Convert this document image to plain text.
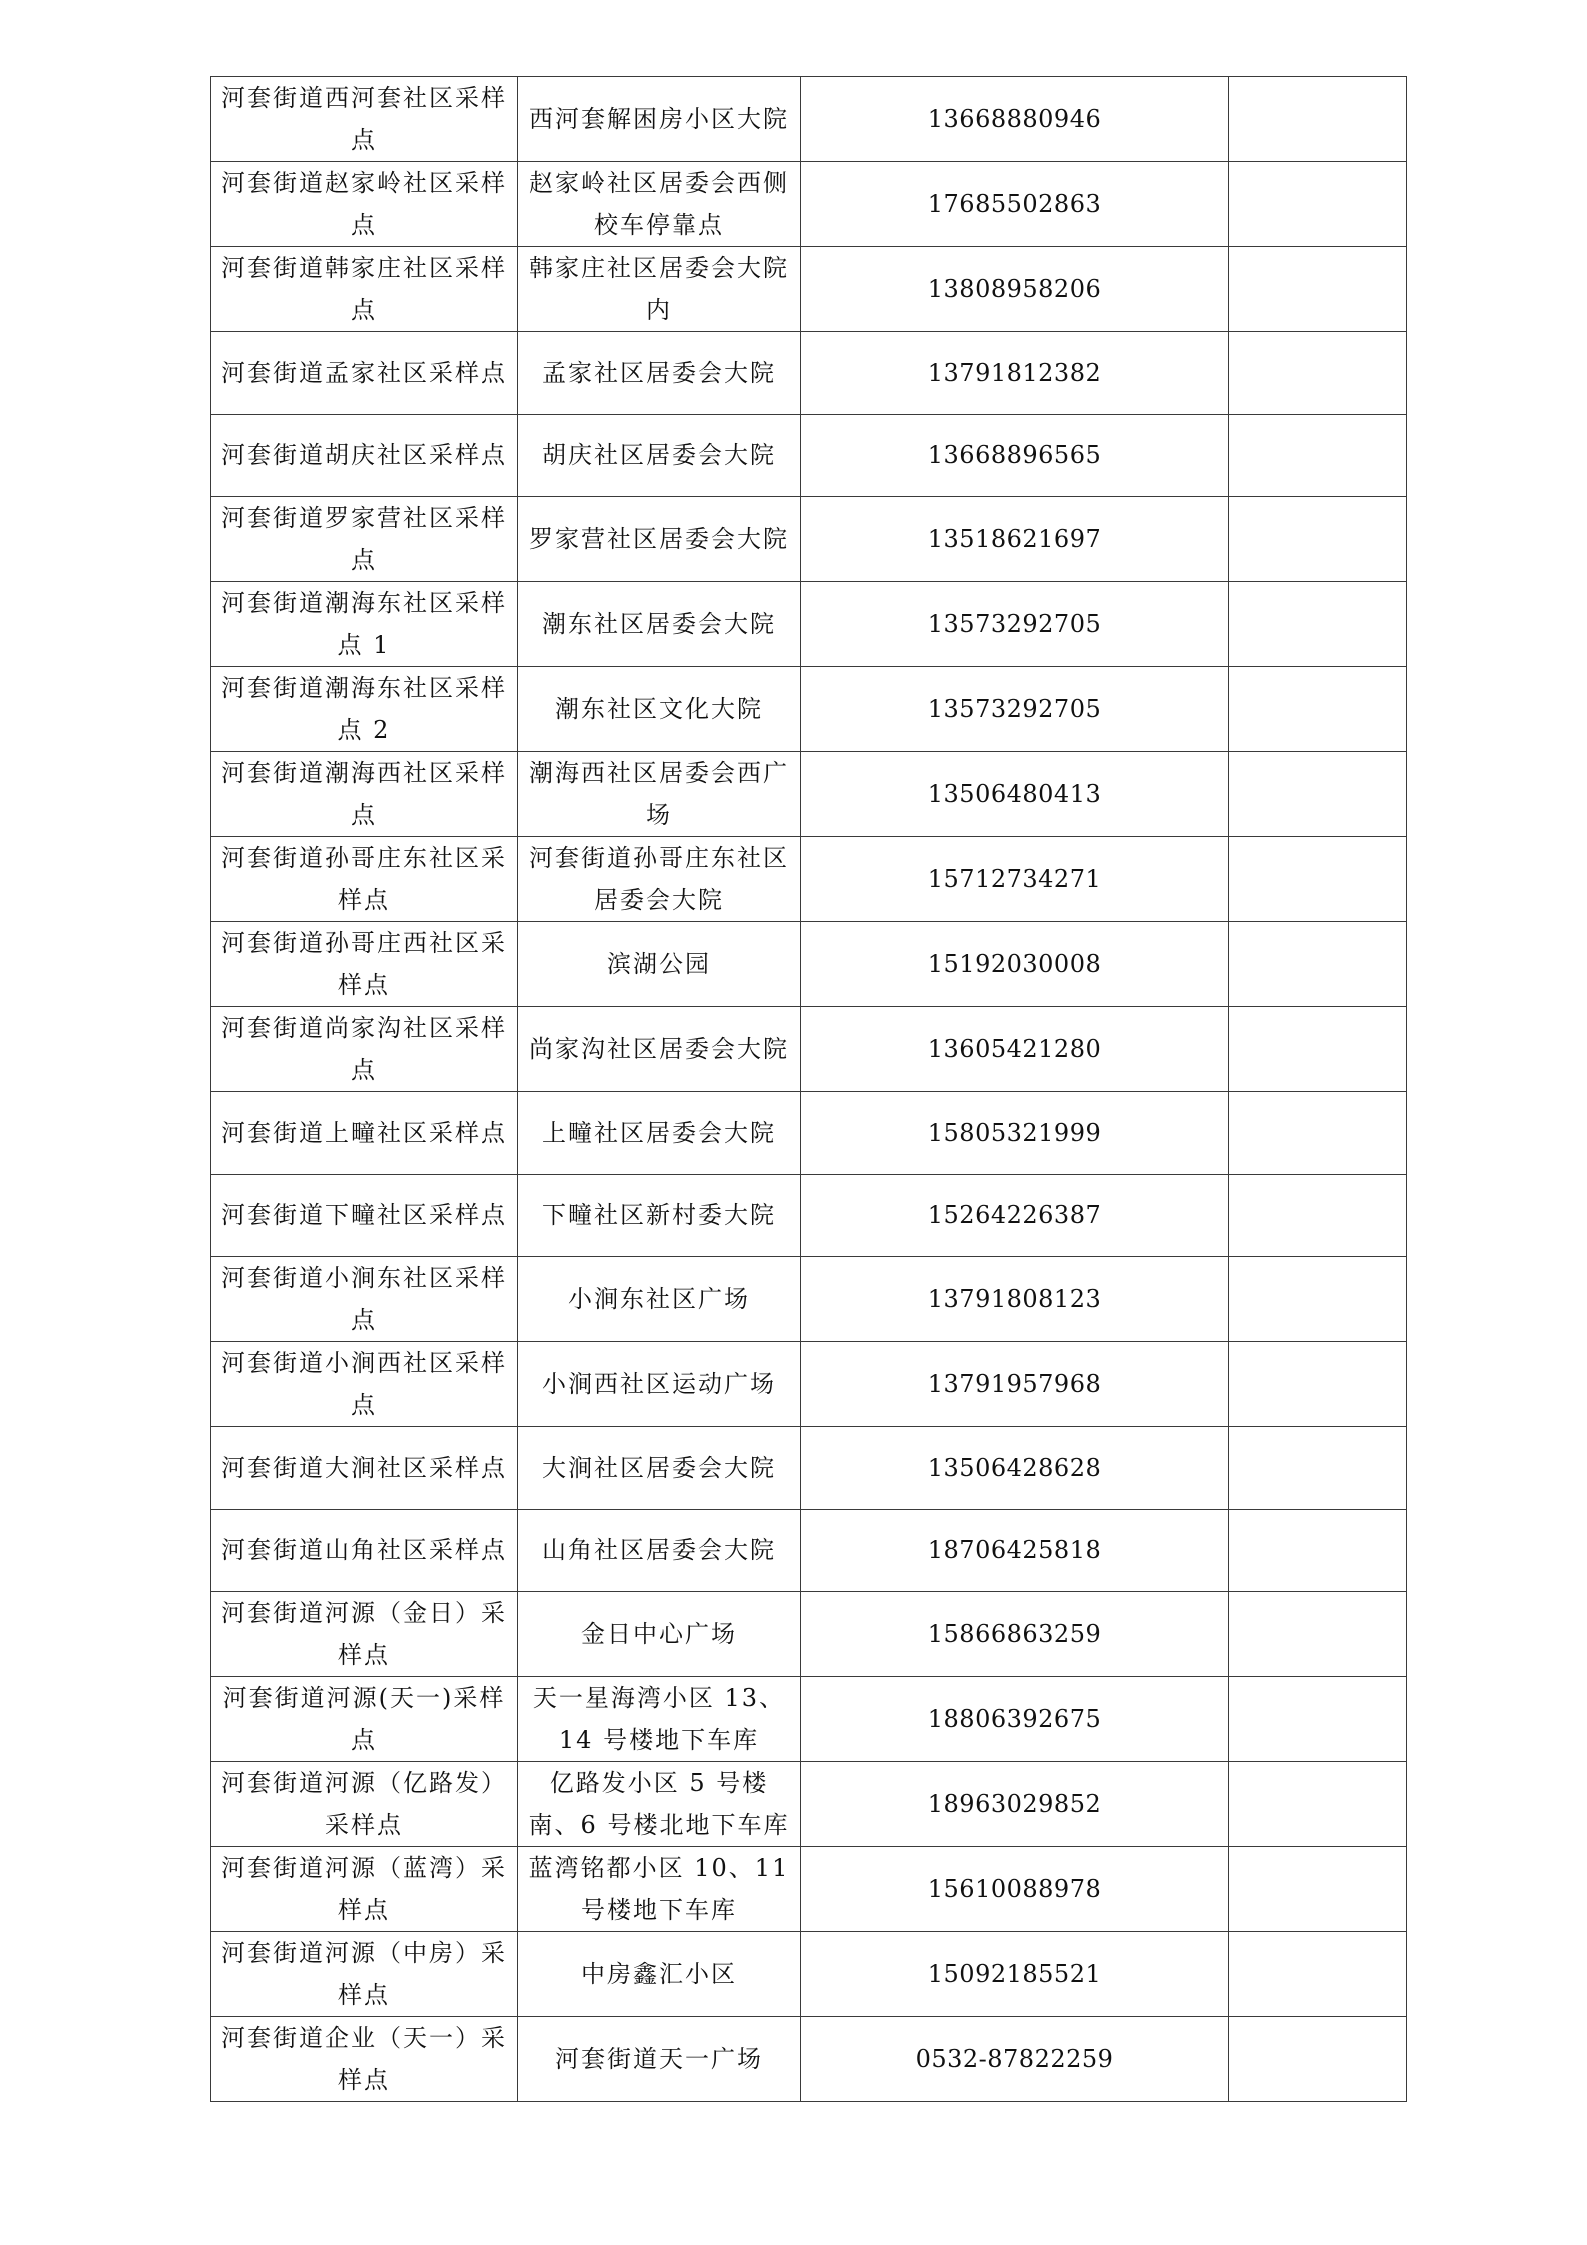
河套街道西河套社区采样点	西河套解困房小区大院	13668880946	
河套街道赵家岭社区采样点	赵家岭社区居委会西侧校车停靠点	17685502863	
河套街道韩家庄社区采样点	韩家庄社区居委会大院内	13808958206	
河套街道孟家社区采样点	孟家社区居委会大院	13791812382	
河套街道胡庆社区采样点	胡庆社区居委会大院	13668896565	
河套街道罗家营社区采样点	罗家营社区居委会大院	13518621697	
河套街道潮海东社区采样点 1	潮东社区居委会大院	13573292705	
河套街道潮海东社区采样点 2	潮东社区文化大院	13573292705	
河套街道潮海西社区采样点	潮海西社区居委会西广场	13506480413	
河套街道孙哥庄东社区采样点	河套街道孙哥庄东社区居委会大院	15712734271	
河套街道孙哥庄西社区采样点	滨湖公园	15192030008	
河套街道尚家沟社区采样点	尚家沟社区居委会大院	13605421280	
河套街道上疃社区采样点	上疃社区居委会大院	15805321999	
河套街道下疃社区采样点	下疃社区新村委大院	15264226387	
河套街道小涧东社区采样点	小涧东社区广场	13791808123	
河套街道小涧西社区采样点	小涧西社区运动广场	13791957968	
河套街道大涧社区采样点	大涧社区居委会大院	13506428628	
河套街道山角社区采样点	山角社区居委会大院	18706425818	
河套街道河源（金日）采样点	金日中心广场	15866863259	
河套街道河源(天一)采样点	天一星海湾小区 13、14 号楼地下车库	18806392675	
河套街道河源（亿路发）采样点	亿路发小区 5 号楼南、6 号楼北地下车库	18963029852	
河套街道河源（蓝湾）采样点	蓝湾铭都小区 10、11 号楼地下车库	15610088978	
河套街道河源（中房）采样点	中房鑫汇小区	15092185521	
河套街道企业（天一）采样点	河套街道天一广场	0532-87822259	
